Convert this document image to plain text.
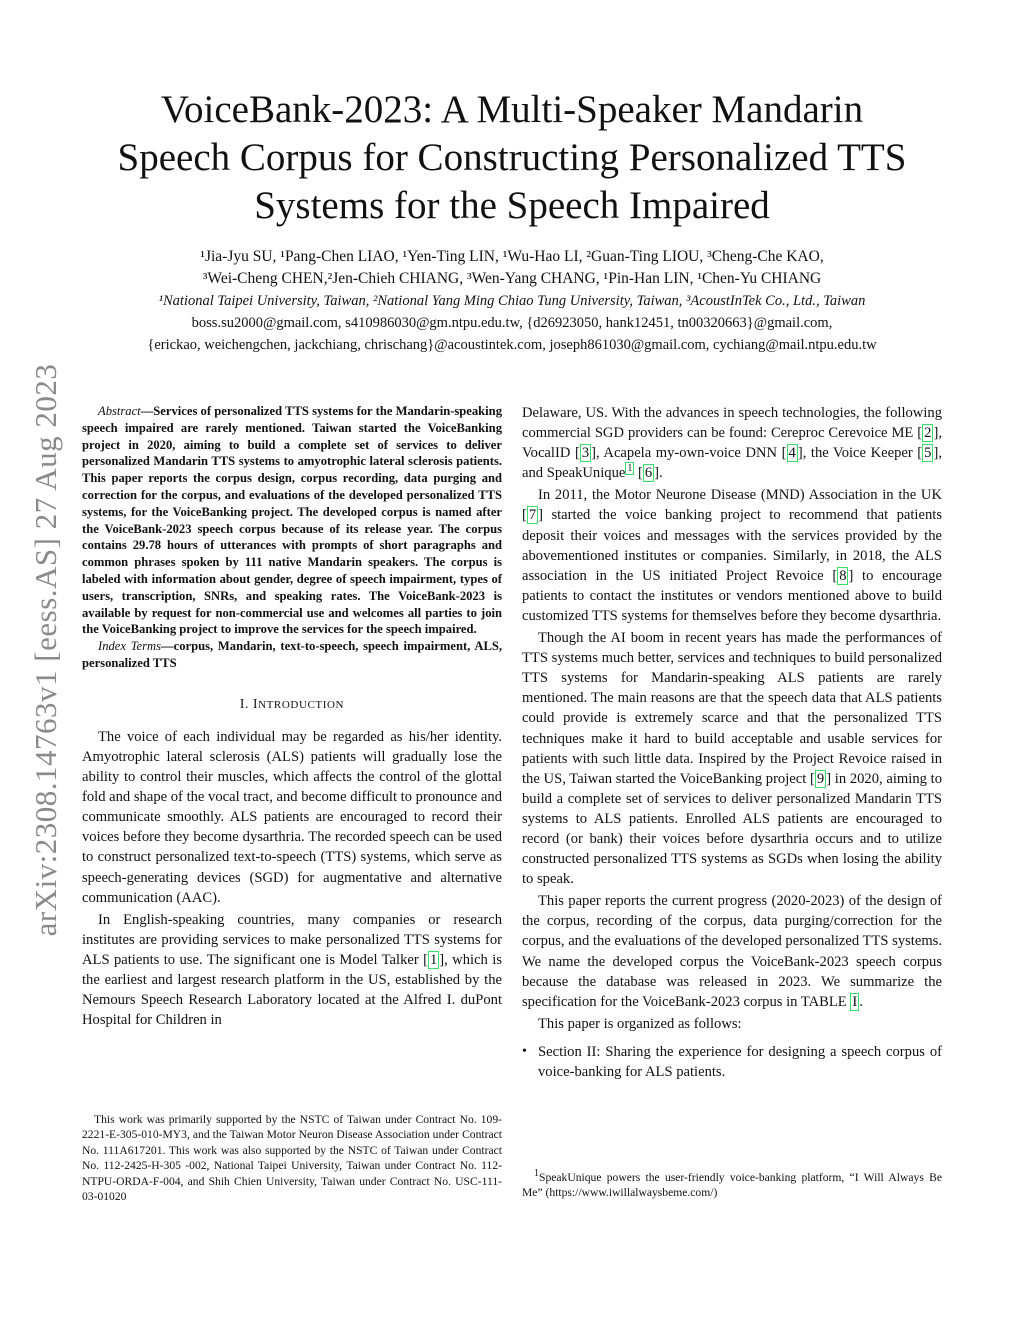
arXiv:2308.14763v1 [eess.AS] 27 Aug 2023
VoiceBank-2023: A Multi-Speaker Mandarin
Speech Corpus for Constructing Personalized TTS
Systems for the Speech Impaired
¹Jia-Jyu SU, ¹Pang-Chen LIAO, ¹Yen-Ting LIN, ¹Wu-Hao LI, ²Guan-Ting LIOU, ³Cheng-Che KAO,
³Wei-Cheng CHEN,²Jen-Chieh CHIANG, ³Wen-Yang CHANG, ¹Pin-Han LIN, ¹Chen-Yu CHIANG
¹National Taipei University, Taiwan, ²National Yang Ming Chiao Tung University, Taiwan, ³AcoustInTek Co., Ltd., Taiwan
boss.su2000@gmail.com, s410986030@gm.ntpu.edu.tw, {d26923050, hank12451, tn00320663}@gmail.com,
{erickao, weichengchen, jackchiang, chrischang}@acoustintek.com, joseph861030@gmail.com, cychiang@mail.ntpu.edu.tw

Abstract—Services of personalized TTS systems for the Mandarin-speaking speech impaired are rarely mentioned. Taiwan started the VoiceBanking project in 2020, aiming to build a complete set of services to deliver personalized Mandarin TTS systems to amyotrophic lateral sclerosis patients. This paper reports the corpus design, corpus recording, data purging and correction for the corpus, and evaluations of the developed personalized TTS systems, for the VoiceBanking project. The developed corpus is named after the VoiceBank-2023 speech corpus because of its release year. The corpus contains 29.78 hours of utterances with prompts of short paragraphs and common phrases spoken by 111 native Mandarin speakers. The corpus is labeled with information about gender, degree of speech impairment, types of users, transcription, SNRs, and speaking rates. The VoiceBank-2023 is available by request for non-commercial use and welcomes all parties to join the VoiceBanking project to improve the services for the speech impaired.

Index Terms—corpus, Mandarin, text-to-speech, speech impairment, ALS, personalized TTS

I. INTRODUCTION

The voice of each individual may be regarded as his/her identity. Amyotrophic lateral sclerosis (ALS) patients will gradually lose the ability to control their muscles, which affects the control of the glottal fold and shape of the vocal tract, and become difficult to pronounce and communicate smoothly. ALS patients are encouraged to record their voices before they become dysarthria. The recorded speech can be used to construct personalized text-to-speech (TTS) systems, which serve as speech-generating devices (SGD) for augmentative and alternative communication (AAC).

In English-speaking countries, many companies or research institutes are providing services to make personalized TTS systems for ALS patients to use. The significant one is Model Talker [ 1 ], which is the earliest and largest research platform in the US, established by the Nemours Speech Research Laboratory located at the Alfred I. duPont Hospital for Children in

This work was primarily supported by the NSTC of Taiwan under Contract No. 109-2221-E-305-010-MY3, and the Taiwan Motor Neuron Disease Association under Contract No. 111A617201. This work was also supported by the NSTC of Taiwan under Contract No. 112-2425-H-305 -002, National Taipei University, Taiwan under Contract No. 112-NTPU-ORDA-F-004, and Shih Chien University, Taiwan under Contract No. USC-111-03-01020

Delaware, US. With the advances in speech technologies, the following commercial SGD providers can be found: Cereproc Cerevoice ME [ 2 ], VocalID [ 3 ], Acapela my-own-voice DNN [ 4 ], the Voice Keeper [ 5 ], and SpeakUnique $^1$ [ 6 ].

In 2011, the Motor Neurone Disease (MND) Association in the UK [ 7 ] started the voice banking project to recommend that patients deposit their voices and messages with the services provided by the abovementioned institutes or companies. Similarly, in 2018, the ALS association in the US initiated Project Revoice [ 8 ] to encourage patients to contact the institutes or vendors mentioned above to build customized TTS systems for themselves before they become dysarthria.

Though the AI boom in recent years has made the performances of TTS systems much better, services and techniques to build personalized TTS systems for Mandarin-speaking ALS patients are rarely mentioned. The main reasons are that the speech data that ALS patients could provide is extremely scarce and that the personalized TTS techniques make it hard to build acceptable and usable services for patients with such little data. Inspired by the Project Revoice raised in the US, Taiwan started the VoiceBanking project [ 9 ] in 2020, aiming to build a complete set of services to deliver personalized Mandarin TTS systems to ALS patients. Enrolled ALS patients are encouraged to record (or bank) their voices before dysarthria occurs and to utilize constructed personalized TTS systems as SGDs when losing the ability to speak.

This paper reports the current progress (2020-2023) of the design of the corpus, recording of the corpus, data purging/correction for the corpus, and the evaluations of the developed personalized TTS systems. We name the developed corpus the VoiceBank-2023 speech corpus because the database was released in 2023. We summarize the specification for the VoiceBank-2023 corpus in TABLE I .

This paper is organized as follows:

• Section II: Sharing the experience for designing a speech corpus of voice-banking for ALS patients.
$^1$SpeakUnique powers the user-friendly voice-banking platform, “I Will Always Be Me” (https://www.iwillalwaysbeme.com/)
